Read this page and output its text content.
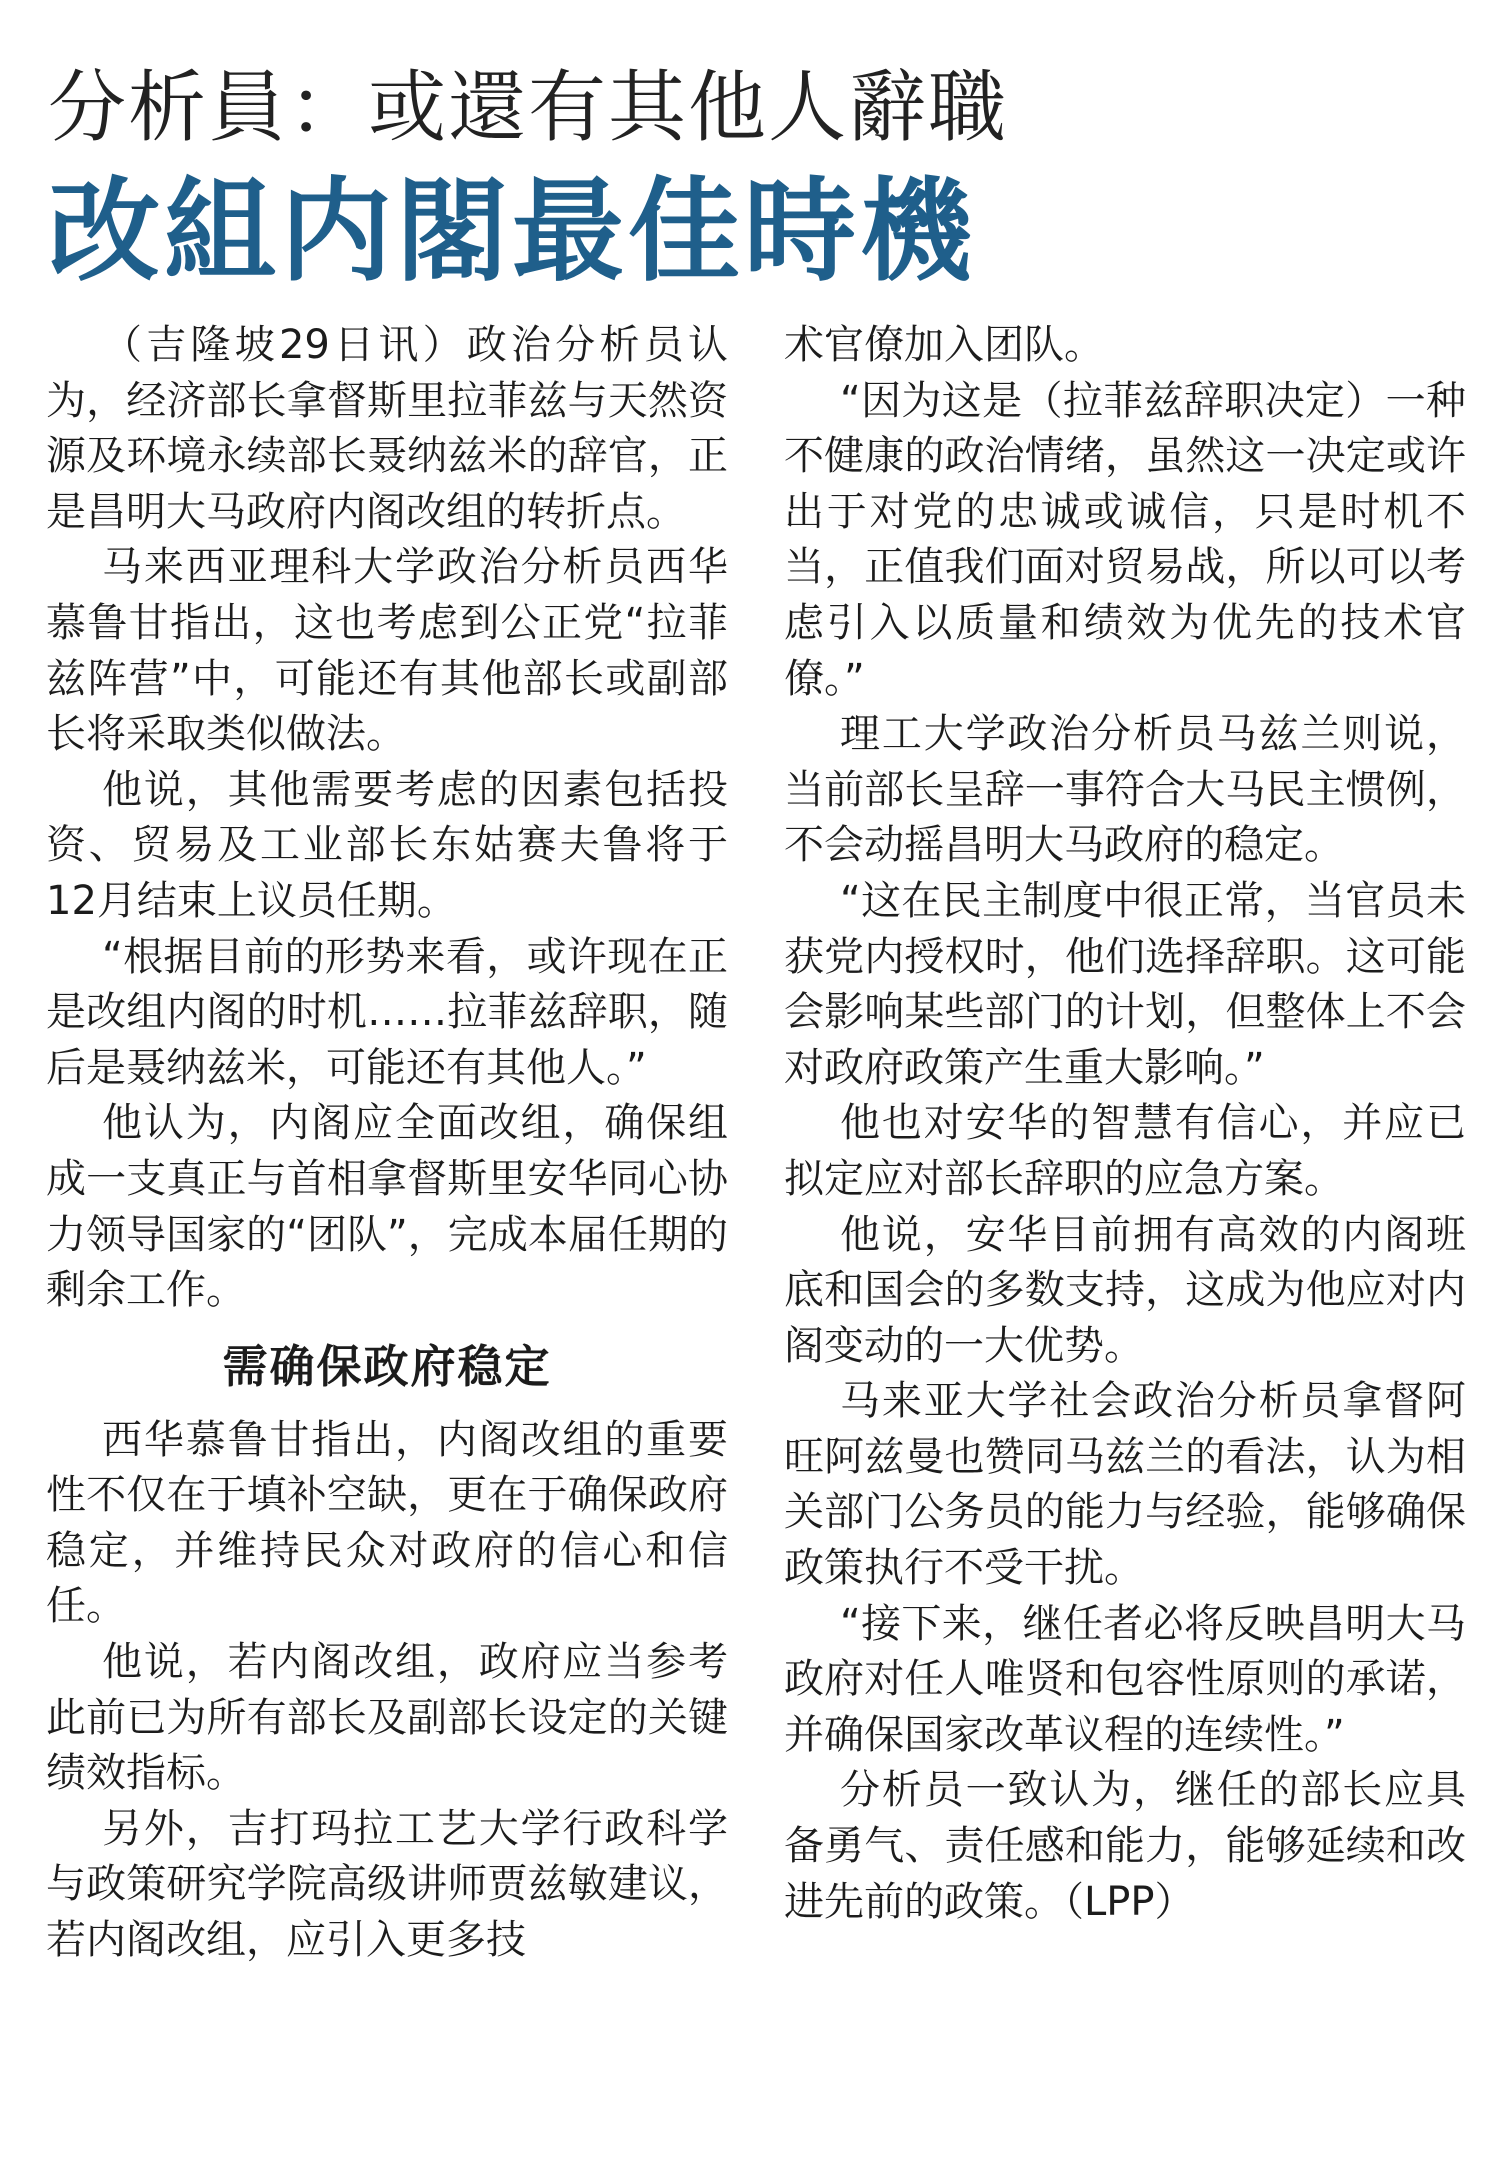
分析員：或還有其他人辭職
改組内閣最佳時機

（吉隆坡29日讯）政治分析员认为，经济部长拿督斯里拉菲兹与天然资源及环境永续部长聂纳兹米的辞官，正是昌明大马政府内阁改组的转折点。

马来西亚理科大学政治分析员西华慕鲁甘指出，这也考虑到公正党“拉菲兹阵营”中，可能还有其他部长或副部长将采取类似做法。

他说，其他需要考虑的因素包括投资、贸易及工业部长东姑赛夫鲁将于12月结束上议员任期。

“根据目前的形势来看，或许现在正是改组内阁的时机……拉菲兹辞职，随后是聂纳兹米，可能还有其他人。”

他认为，内阁应全面改组，确保组成一支真正与首相拿督斯里安华同心协力领导国家的“团队”，完成本届任期的剩余工作。

需确保政府稳定

西华慕鲁甘指出，内阁改组的重要性不仅在于填补空缺，更在于确保政府稳定，并维持民众对政府的信心和信任。

他说，若内阁改组，政府应当参考此前已为所有部长及副部长设定的关键绩效指标。

另外，吉打玛拉工艺大学行政科学与政策研究学院高级讲师贾兹敏建议，若内阁改组，应引入更多技

术官僚加入团队。

“因为这是（拉菲兹辞职决定）一种不健康的政治情绪，虽然这一决定或许出于对党的忠诚或诚信，只是时机不当，正值我们面对贸易战，所以可以考虑引入以质量和绩效为优先的技术官僚。”

理工大学政治分析员马兹兰则说，当前部长呈辞一事符合大马民主惯例，不会动摇昌明大马政府的稳定。

“这在民主制度中很正常，当官员未获党内授权时，他们选择辞职。这可能会影响某些部门的计划，但整体上不会对政府政策产生重大影响。”

他也对安华的智慧有信心，并应已拟定应对部长辞职的应急方案。

他说，安华目前拥有高效的内阁班底和国会的多数支持，这成为他应对内阁变动的一大优势。

马来亚大学社会政治分析员拿督阿旺阿兹曼也赞同马兹兰的看法，认为相关部门公务员的能力与经验，能够确保政策执行不受干扰。

“接下来，继任者必将反映昌明大马政府对任人唯贤和包容性原则的承诺，并确保国家改革议程的连续性。”

分析员一致认为，继任的部长应具备勇气、责任感和能力，能够延续和改进先前的政策。（LPP）
